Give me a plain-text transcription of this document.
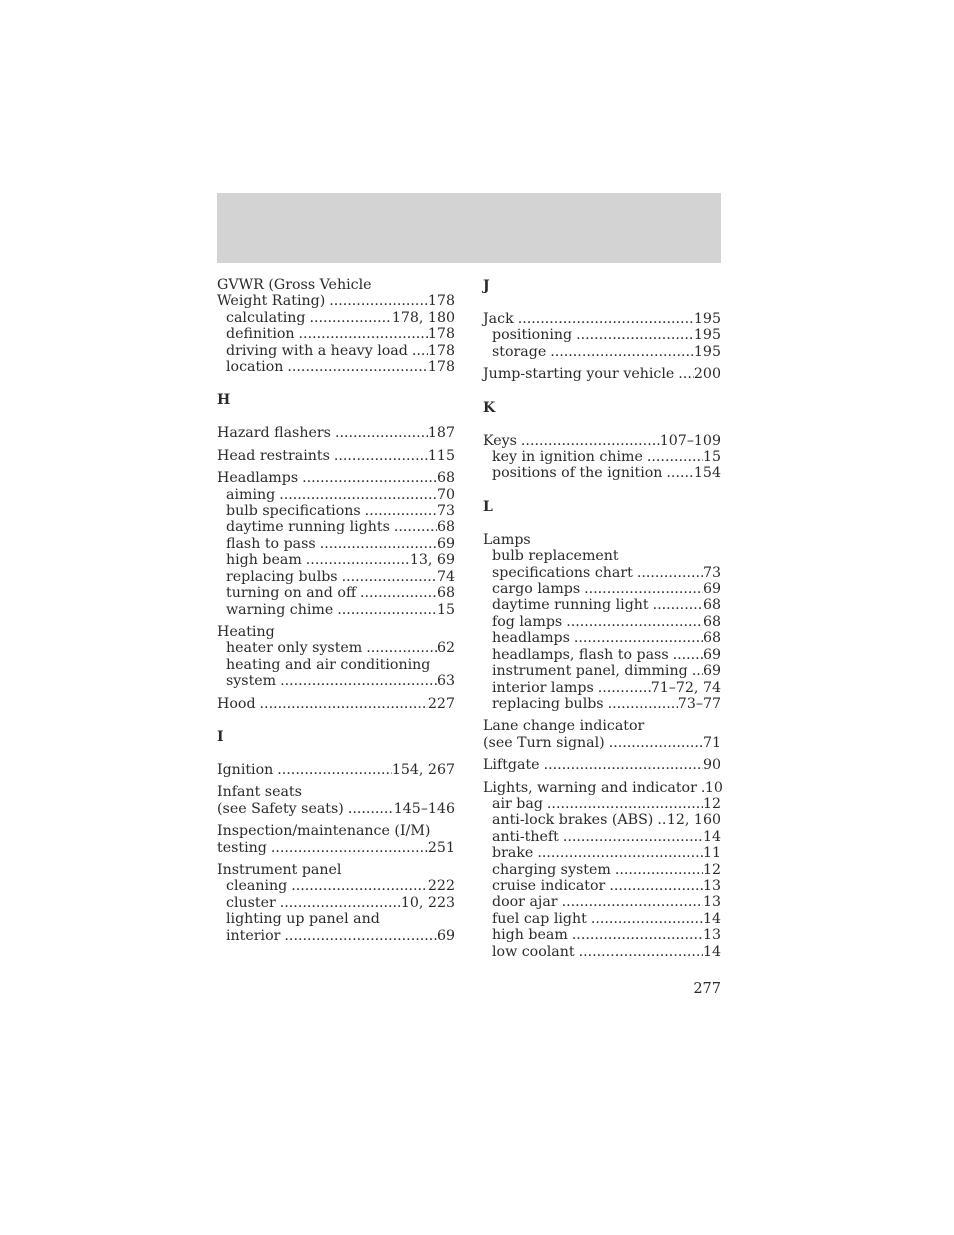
GVWR (Gross Vehicle
Weight Rating) .....	178
calculating .....	178, 180
definition .....	178
driving with a heavy load ..... 178
location .....	178
H
Hazard flashers .....	187
Head restraints .....	115
Headlamps .....	68
aiming .....	70
bulb specifications .....	73
daytime running lights .....	68
flash to pass .....	69
high beam .....	13, 69
replacing bulbs .....	74
turning on and off .....	68
warning chime .....	15
Heating
heater only system .....	62
heating and air conditioning
system .....	63
Hood .....	227
I
Ignition .....	154, 267
Infant seats
(see Safety seats) .....	145–146
Inspection/maintenance (I/M)
testing .....	251
Instrument panel
cleaning .....	222
cluster .....	10, 223
lighting up panel and
interior .....	69
J
Jack .....	195
positioning .....	195
storage .....	195
Jump-starting your vehicle ..... 200
K
Keys .....	107–109
key in ignition chime .....	15
positions of the ignition ..... 154
L
Lamps
bulb replacement
specifications chart .....	73
cargo lamps .....	69
daytime running light .....	68
fog lamps .....	68
headlamps .....	68
headlamps, flash to pass ..... 69
instrument panel, dimming ..... 69
interior lamps .....	71–72, 74
replacing bulbs .....	73–77
Lane change indicator
(see Turn signal) .....	71
Liftgate .....	90
Lights, warning and indicator ..... 10
air bag .....	12
anti-lock brakes (ABS) ..... 12, 160
anti-theft .....	14
brake .....	11
charging system .....	12
cruise indicator .....	13
door ajar .....	13
fuel cap light .....	14
high beam .....	13
low coolant .....	14
277
